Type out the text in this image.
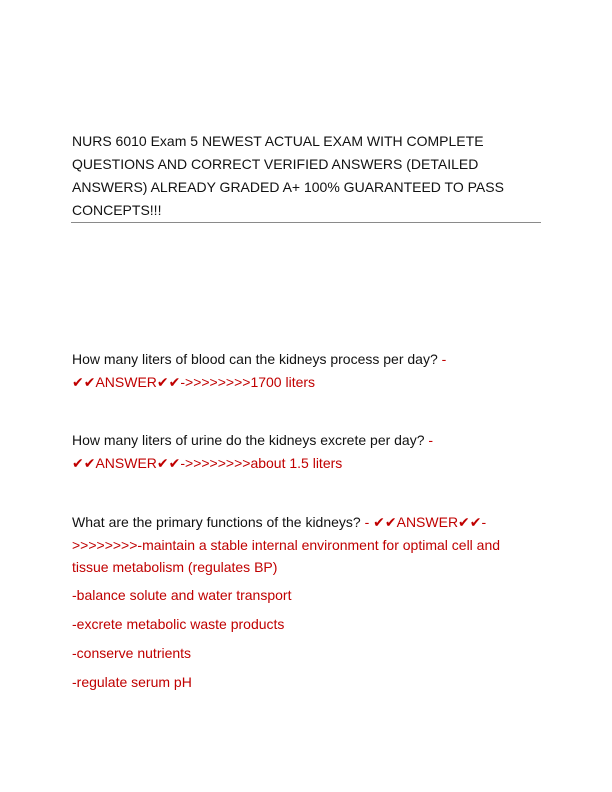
NURS 6010 Exam 5 NEWEST ACTUAL EXAM WITH COMPLETE QUESTIONS AND CORRECT VERIFIED ANSWERS (DETAILED ANSWERS) ALREADY GRADED A+ 100% GUARANTEED TO PASS CONCEPTS!!!
How many liters of blood can the kidneys process per day? - ✔✔ANSWER✔✔->>>>>>>>1700 liters
How many liters of urine do the kidneys excrete per day? - ✔✔ANSWER✔✔->>>>>>>>about 1.5 liters
What are the primary functions of the kidneys? - ✔✔ANSWER✔✔->>>>>>>>-maintain a stable internal environment for optimal cell and tissue metabolism (regulates BP)
-balance solute and water transport
-excrete metabolic waste products
-conserve nutrients
-regulate serum pH
